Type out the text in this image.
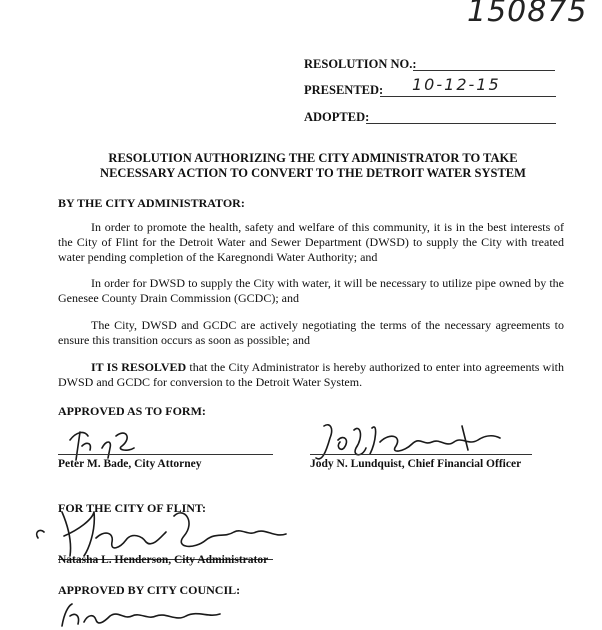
150875
RESOLUTION NO.:
PRESENTED: 10-12-15
ADOPTED:
RESOLUTION AUTHORIZING THE CITY ADMINISTRATOR TO TAKE
NECESSARY ACTION TO CONVERT TO THE DETROIT WATER SYSTEM
BY THE CITY ADMINISTRATOR:
In order to promote the health, safety and welfare of this community, it is in the best interests of the City of Flint for the Detroit Water and Sewer Department (DWSD) to supply the City with treated water pending completion of the Karegnondi Water Authority; and
In order for DWSD to supply the City with water, it will be necessary to utilize pipe owned by the Genesee County Drain Commission (GCDC); and
The City, DWSD and GCDC are actively negotiating the terms of the necessary agreements to ensure this transition occurs as soon as possible; and
IT IS RESOLVED that the City Administrator is hereby authorized to enter into agreements with DWSD and GCDC for conversion to the Detroit Water System.
APPROVED AS TO FORM:
Peter M. Bade, City Attorney	Jody N. Lundquist, Chief Financial Officer
FOR THE CITY OF FLINT:
Natasha L. Henderson, City Administrator
APPROVED BY CITY COUNCIL:
